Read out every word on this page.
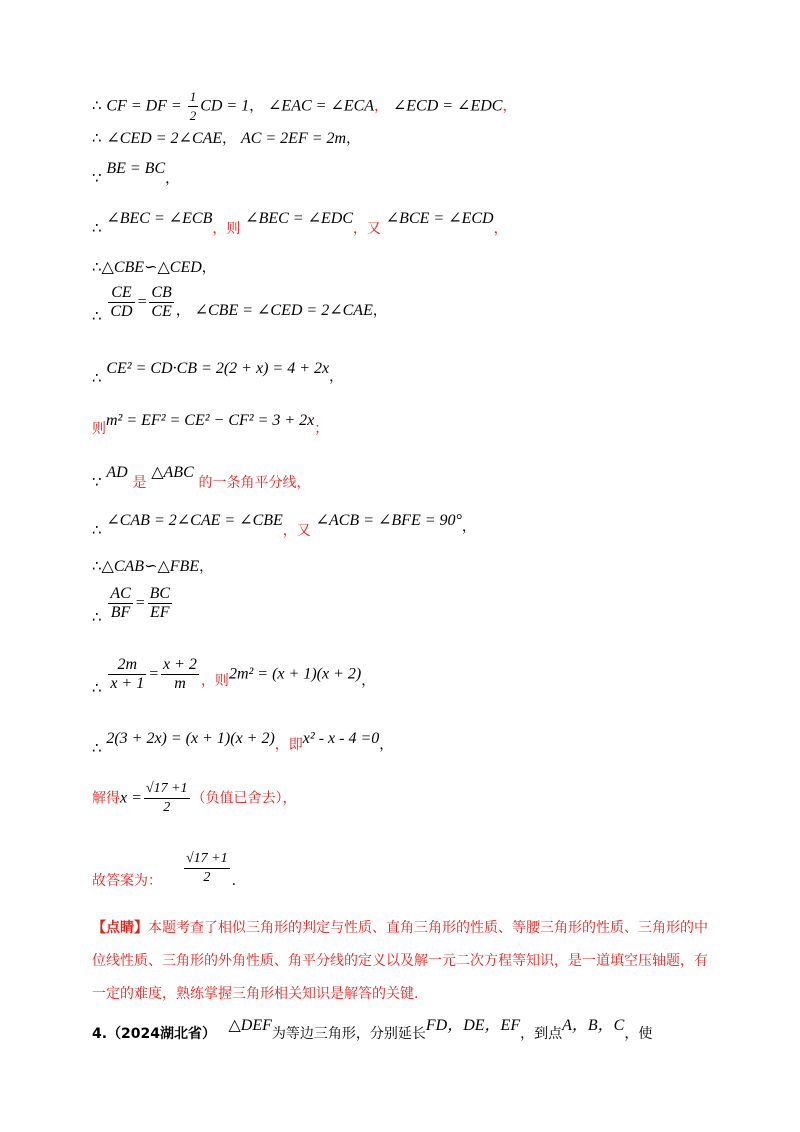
∴ CF = DF = $\frac{1}{2}$ CD = 1， ∠EAC = ∠ECA， ∠ECD = ∠EDC，
∴ ∠CED = 2∠CAE， AC = 2EF = 2m，
∵ BE = BC，
∴ ∠BEC = ∠ECB，则 ∠BEC = ∠EDC，又 ∠BCE = ∠ECD，
∴△CBE∽△CED，
∴ $\frac{CE}{CD} = \frac{CB}{CE}$ ， ∠CBE = ∠CED = 2∠CAE，
∴ CE² = CD·CB = 2(2 + x) = 4 + 2x，
则m² = EF² = CE² − CF² = 3 + 2x；
∵ AD 是 △ABC 的一条角平分线，
∴ ∠CAB = 2∠CAE = ∠CBE，又 ∠ACB = ∠BFE = 90°，
∴△CAB∽△FBE，
∴ $\frac{AC}{BF} = \frac{BC}{EF}$
∴ $\frac{2m}{x + 1} = \frac{x + 2}{m}$ ，则2m² = (x + 1)(x + 2)，
∴ 2(3 + 2x) = (x + 1)(x + 2)，即x² - x - 4 =0，
解得$x = \frac{√17 +1}{2}$ （负值已舍去），
故答案为： $\frac{√17 +1}{2}$ .
【点睛】本题考查了相似三角形的判定与性质、直角三角形的性质、等腰三角形的性质、三角形的中位线性质、三角形的外角性质、角平分线的定义以及解一元二次方程等知识，是一道填空压轴题，有一定的难度，熟练掌握三角形相关知识是解答的关键.
4.（2024湖北省） △DEF为等边三角形，分别延长FD，DE，EF，到点A，B，C，使
